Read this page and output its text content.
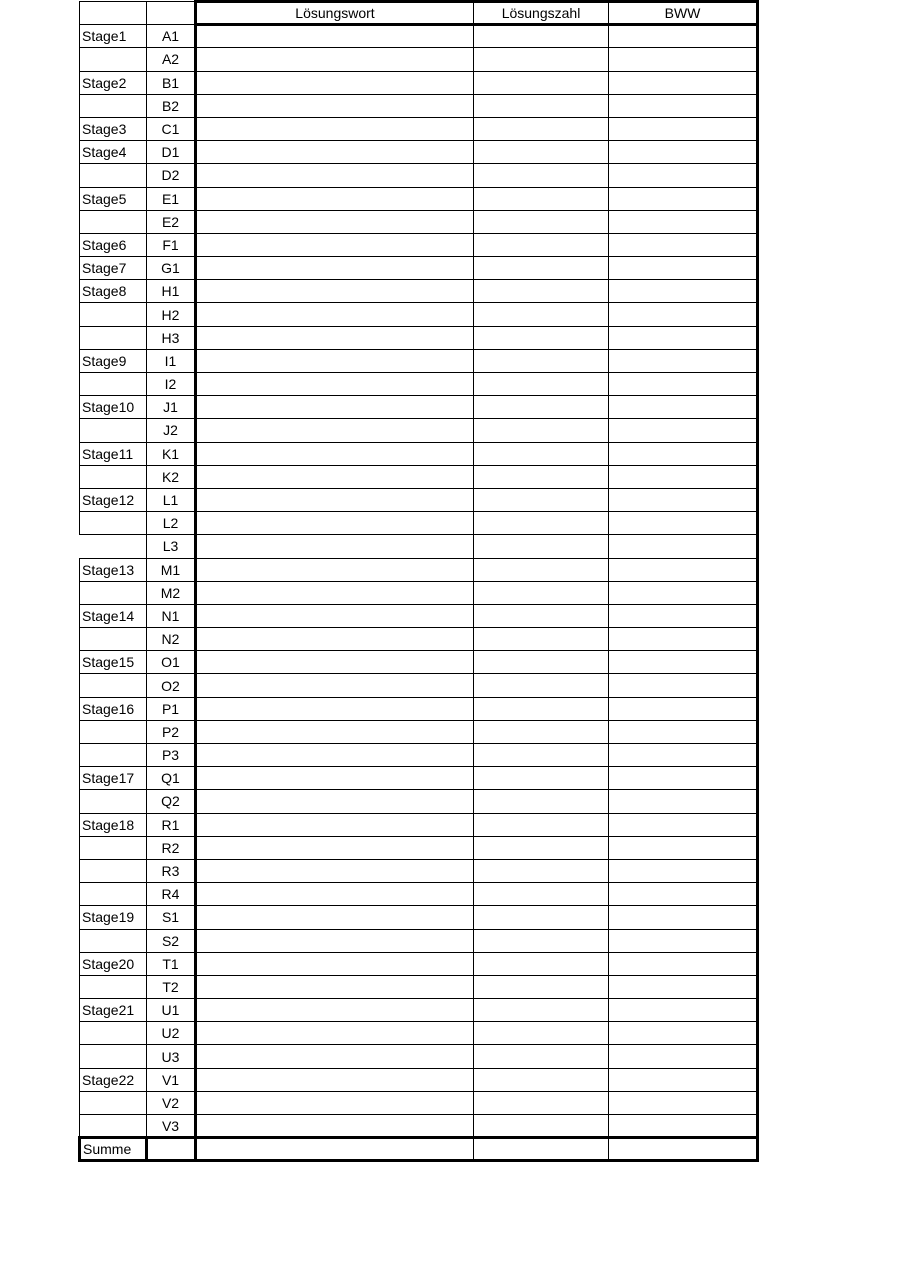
		Lösungswort	Lösungszahl	BWW
Stage1	A1			
	A2			
Stage2	B1			
	B2			
Stage3	C1			
Stage4	D1			
	D2			
Stage5	E1			
	E2			
Stage6	F1			
Stage7	G1			
Stage8	H1			
	H2			
	H3			
Stage9	I1			
	I2			
Stage10	J1			
	J2			
Stage11	K1			
	K2			
Stage12	L1			
	L2			
	L3			
Stage13	M1			
	M2			
Stage14	N1			
	N2			
Stage15	O1			
	O2			
Stage16	P1			
	P2			
	P3			
Stage17	Q1			
	Q2			
Stage18	R1			
	R2			
	R3			
	R4			
Stage19	S1			
	S2			
Stage20	T1			
	T2			
Stage21	U1			
	U2			
	U3			
Stage22	V1			
	V2			
	V3			
Summe				
